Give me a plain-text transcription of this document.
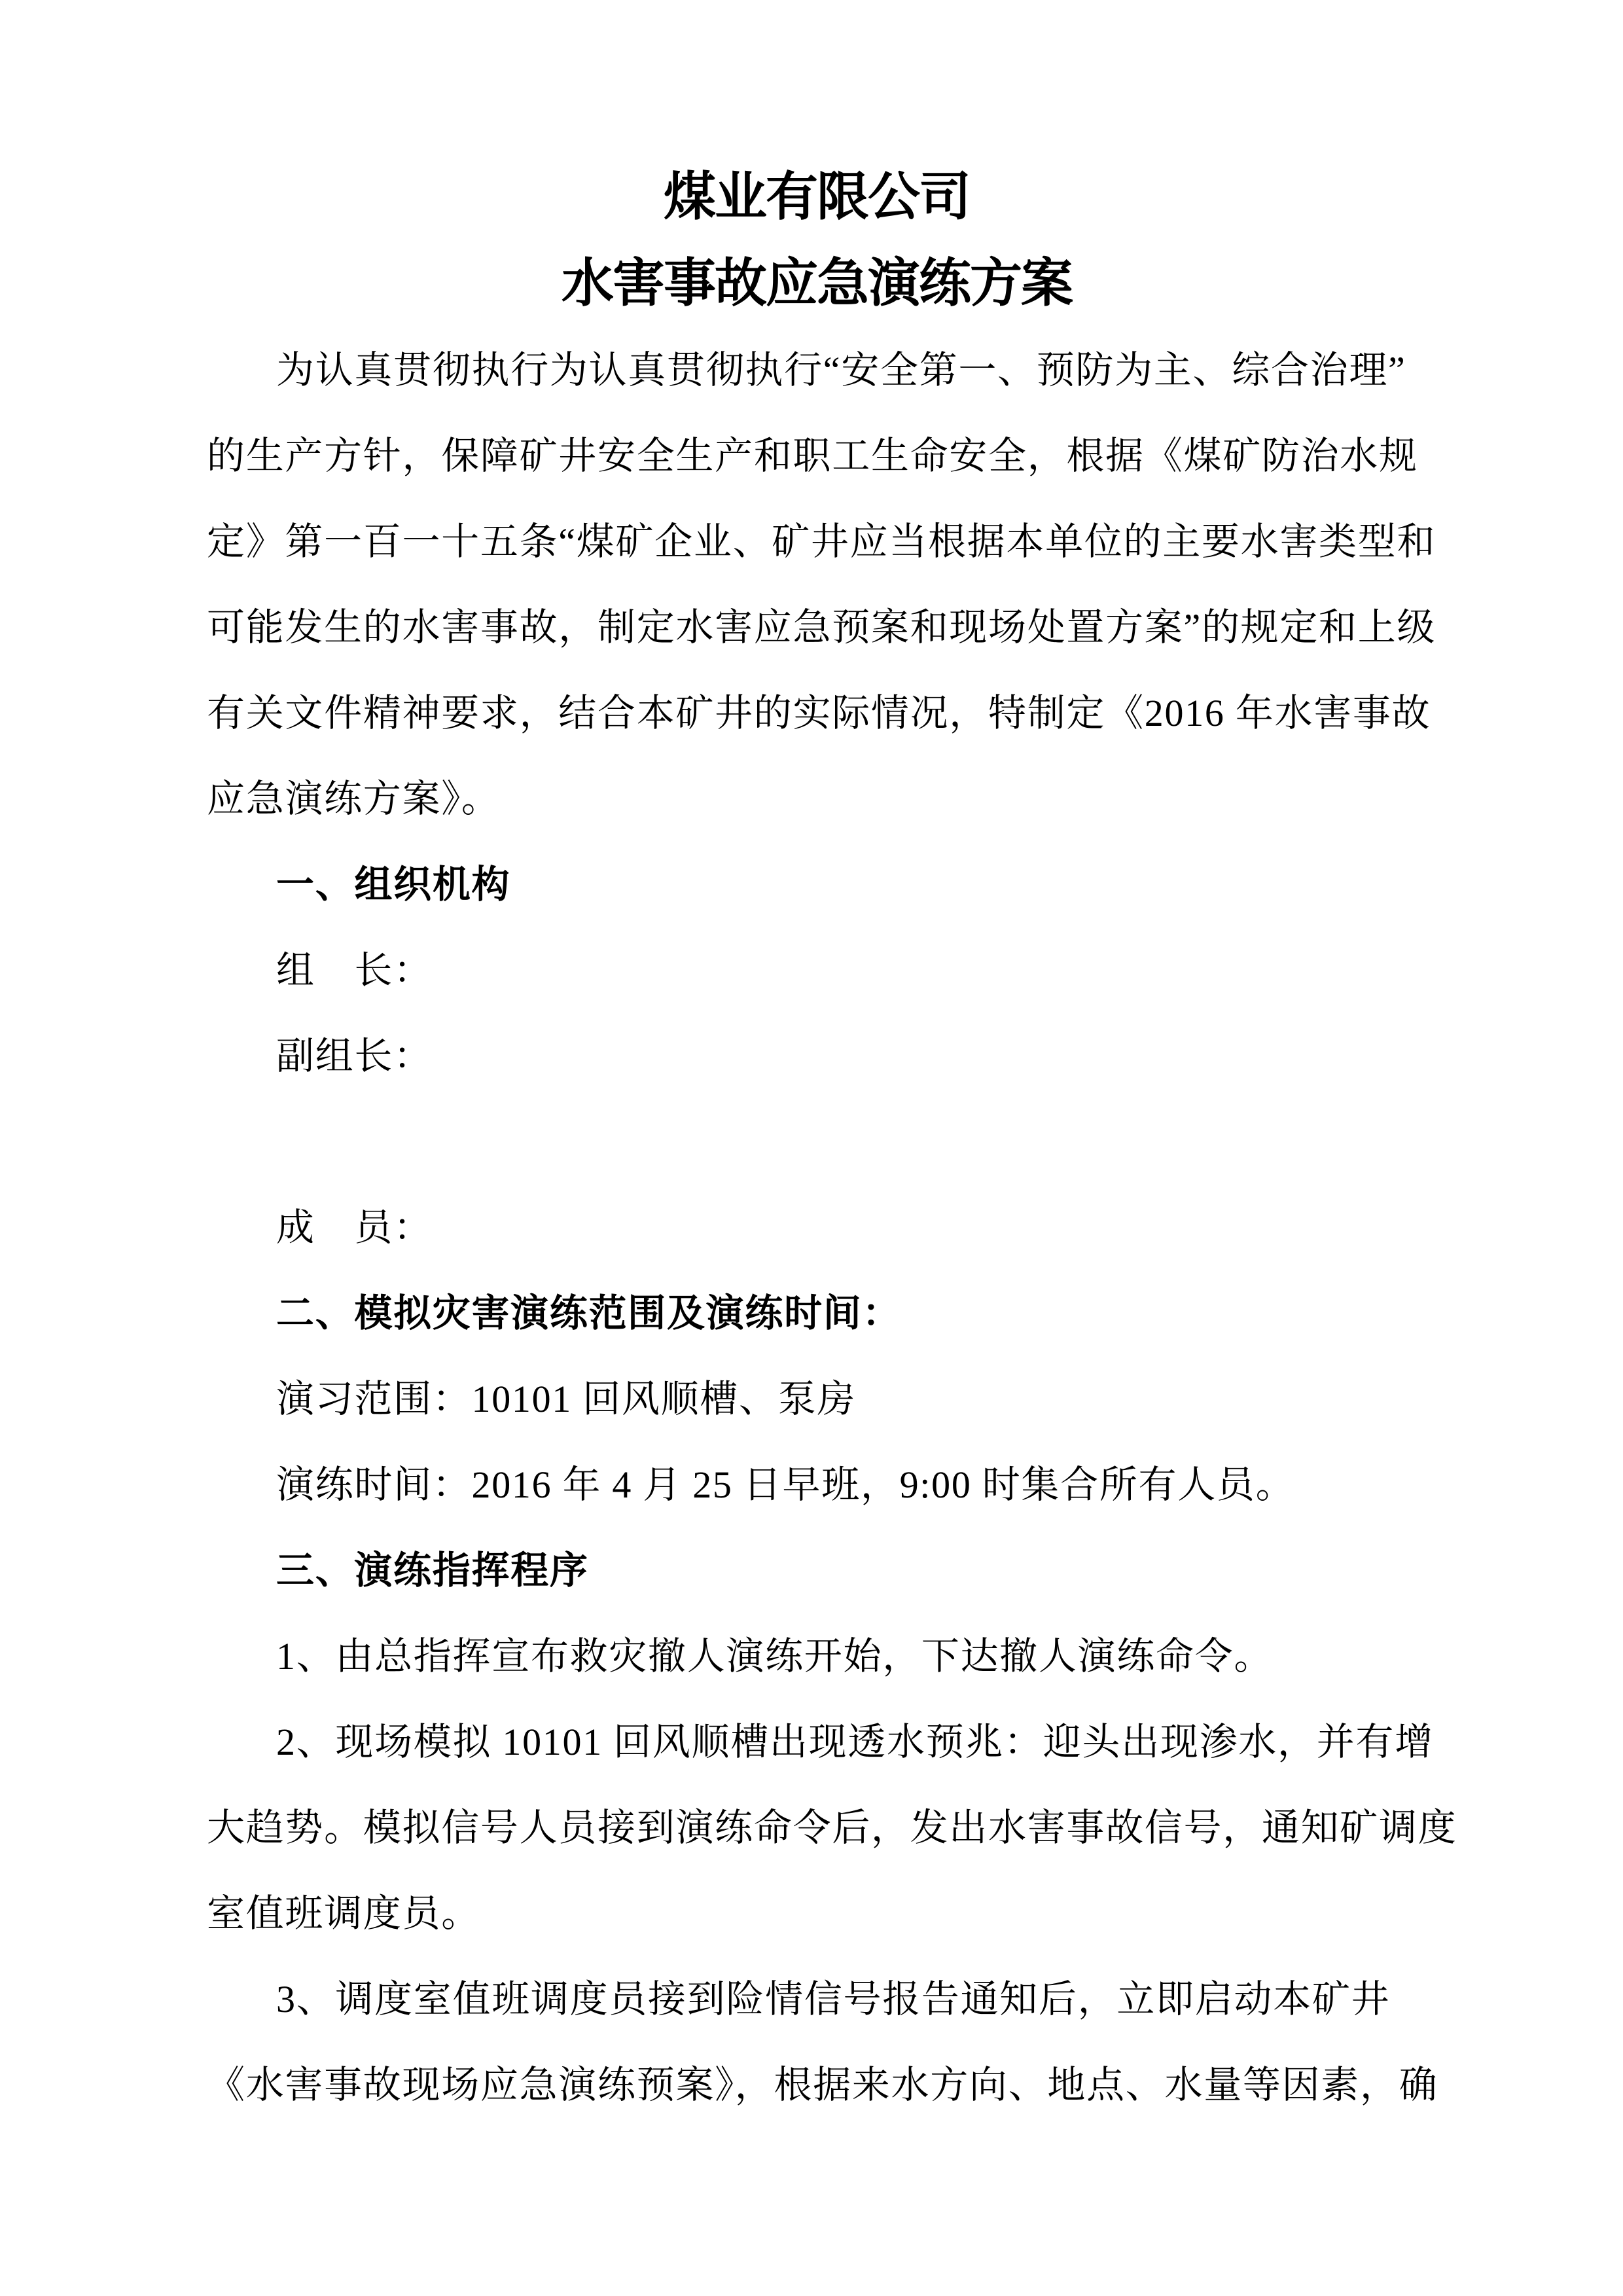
煤业有限公司
水害事故应急演练方案
为认真贯彻执行为认真贯彻执行“安全第一、预防为主、综合治理”
的生产方针，保障矿井安全生产和职工生命安全，根据《煤矿防治水规
定》第一百一十五条“煤矿企业、矿井应当根据本单位的主要水害类型和
可能发生的水害事故，制定水害应急预案和现场处置方案”的规定和上级
有关文件精神要求，结合本矿井的实际情况，特制定《2016 年水害事故
应急演练方案》。
一、组织机构
组　长：
副组长：

成　员：
二、模拟灾害演练范围及演练时间：
演习范围：10101 回风顺槽、泵房
演练时间：2016 年 4 月 25 日早班，9:00 时集合所有人员。
三、演练指挥程序
1、由总指挥宣布救灾撤人演练开始，下达撤人演练命令。
2、现场模拟 10101 回风顺槽出现透水预兆：迎头出现渗水，并有增
大趋势。模拟信号人员接到演练命令后，发出水害事故信号，通知矿调度
室值班调度员。
3、调度室值班调度员接到险情信号报告通知后，立即启动本矿井
《水害事故现场应急演练预案》，根据来水方向、地点、水量等因素，确
